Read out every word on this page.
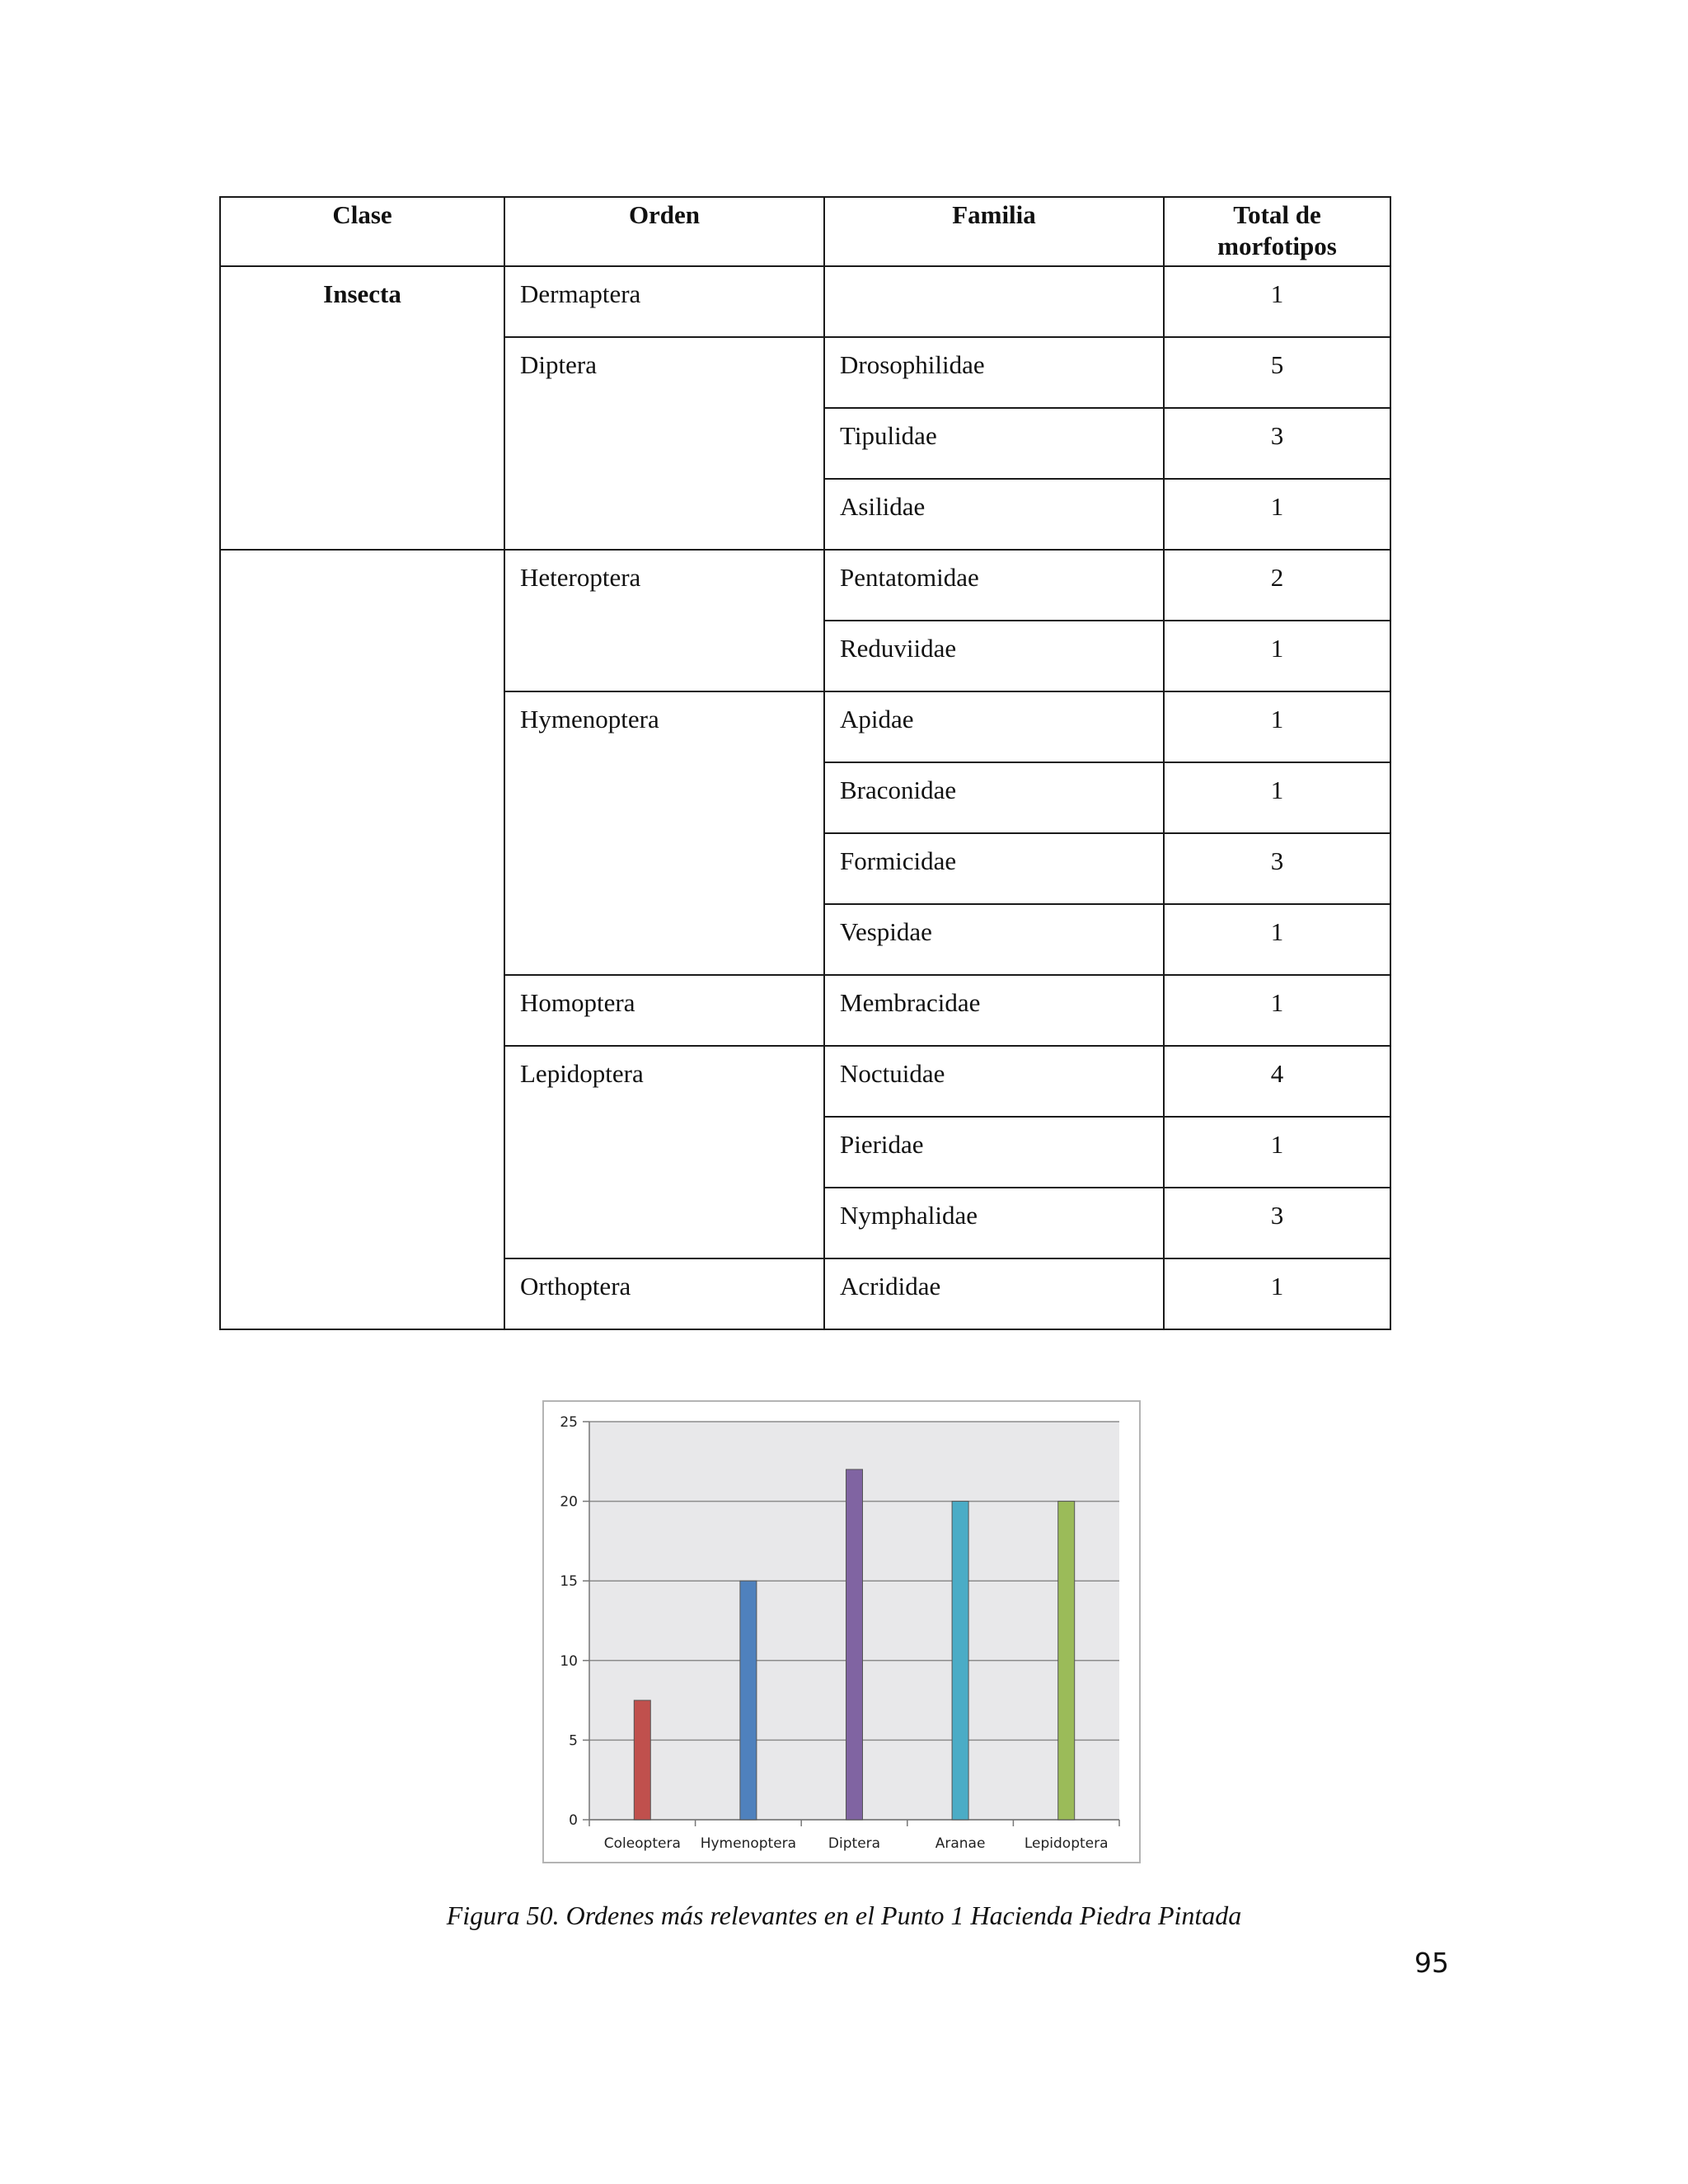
Clase	Orden	Familia	Total de morfotipos
Insecta	Dermaptera		1
	Diptera	Drosophilidae	5
		Tipulidae	3
		Asilidae	1
	Heteroptera	Pentatomidae	2
		Reduviidae	1
	Hymenoptera	Apidae	1
		Braconidae	1
		Formicidae	3
		Vespidae	1
	Homoptera	Membracidae	1
	Lepidoptera	Noctuidae	4
		Pieridae	1
		Nymphalidae	3
	Orthoptera	Acrididae	1
0
5
10
15
20
25
Coleoptera Hymenoptera Diptera	Aranae	Lepidoptera
Figura 50. Ordenes más relevantes en el Punto 1 Hacienda Piedra Pintada
95
